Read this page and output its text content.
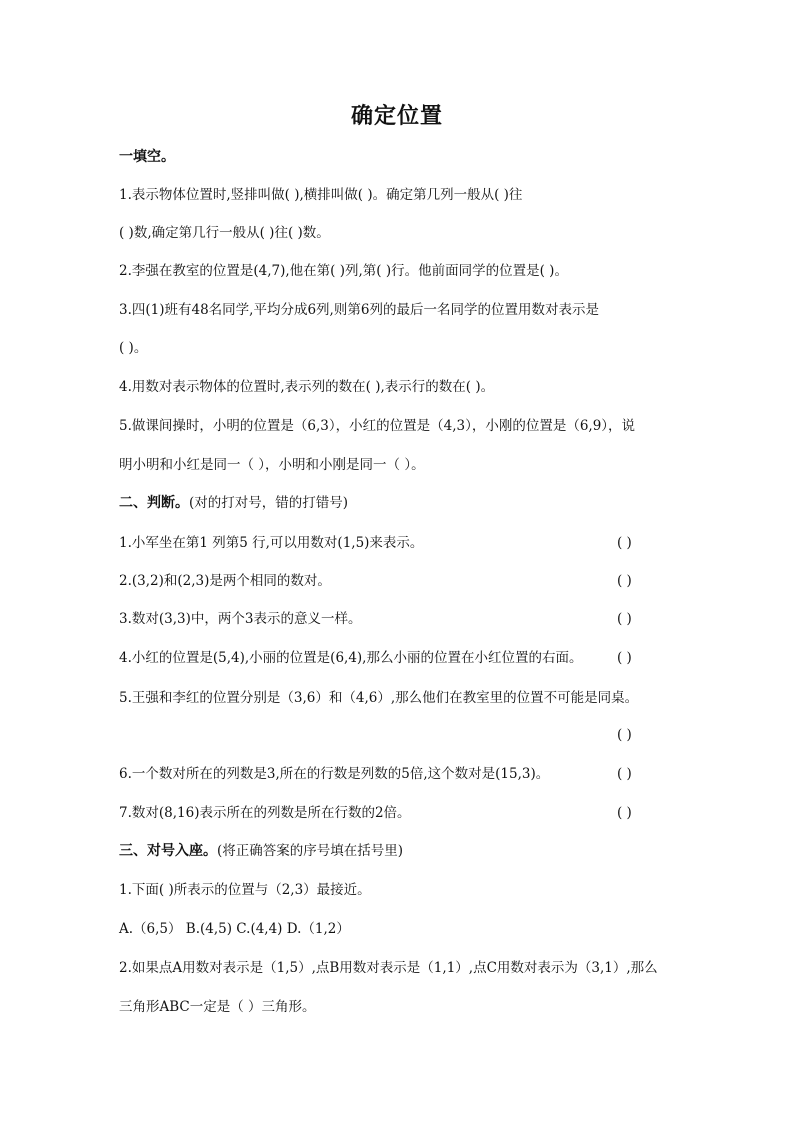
确定位置
一填空。
1.表示物体位置时,竖排叫做( ),横排叫做( )。确定第几列一般从( )往
( )数,确定第几行一般从( )往( )数。
2.李强在教室的位置是(4,7),他在第( )列,第( )行。他前面同学的位置是( )。
3.四(1)班有48名同学,平均分成6列,则第6列的最后一名同学的位置用数对表示是
( )。
4.用数对表示物体的位置时,表示列的数在( ),表示行的数在( )。
5.做课间操时，小明的位置是（6,3），小红的位置是（4,3），小刚的位置是（6,9），说
明小明和小红是同一（ ），小明和小刚是同一（ ）。
二、判断。(对的打对号，错的打错号)
1.小军坐在第1 列第5 行,可以用数对(1,5)来表示。	( )
2.(3,2)和(2,3)是两个相同的数对。	( )
3.数对(3,3)中，两个3表示的意义一样。	( )
4.小红的位置是(5,4),小丽的位置是(6,4),那么小丽的位置在小红位置的右面。	( )
5.王强和李红的位置分别是（3,6）和（4,6）,那么他们在教室里的位置不可能是同桌。
( )
6.一个数对所在的列数是3,所在的行数是列数的5倍,这个数对是(15,3)。	( )
7.数对(8,16)表示所在的列数是所在行数的2倍。	( )
三、对号入座。(将正确答案的序号填在括号里)
1.下面( )所表示的位置与（2,3）最接近。
A.（6,5） B.(4,5) C.(4,4) D.（1,2）
2.如果点A用数对表示是（1,5）,点B用数对表示是（1,1）,点C用数对表示为（3,1）,那么
三角形ABC一定是（ ）三角形。
